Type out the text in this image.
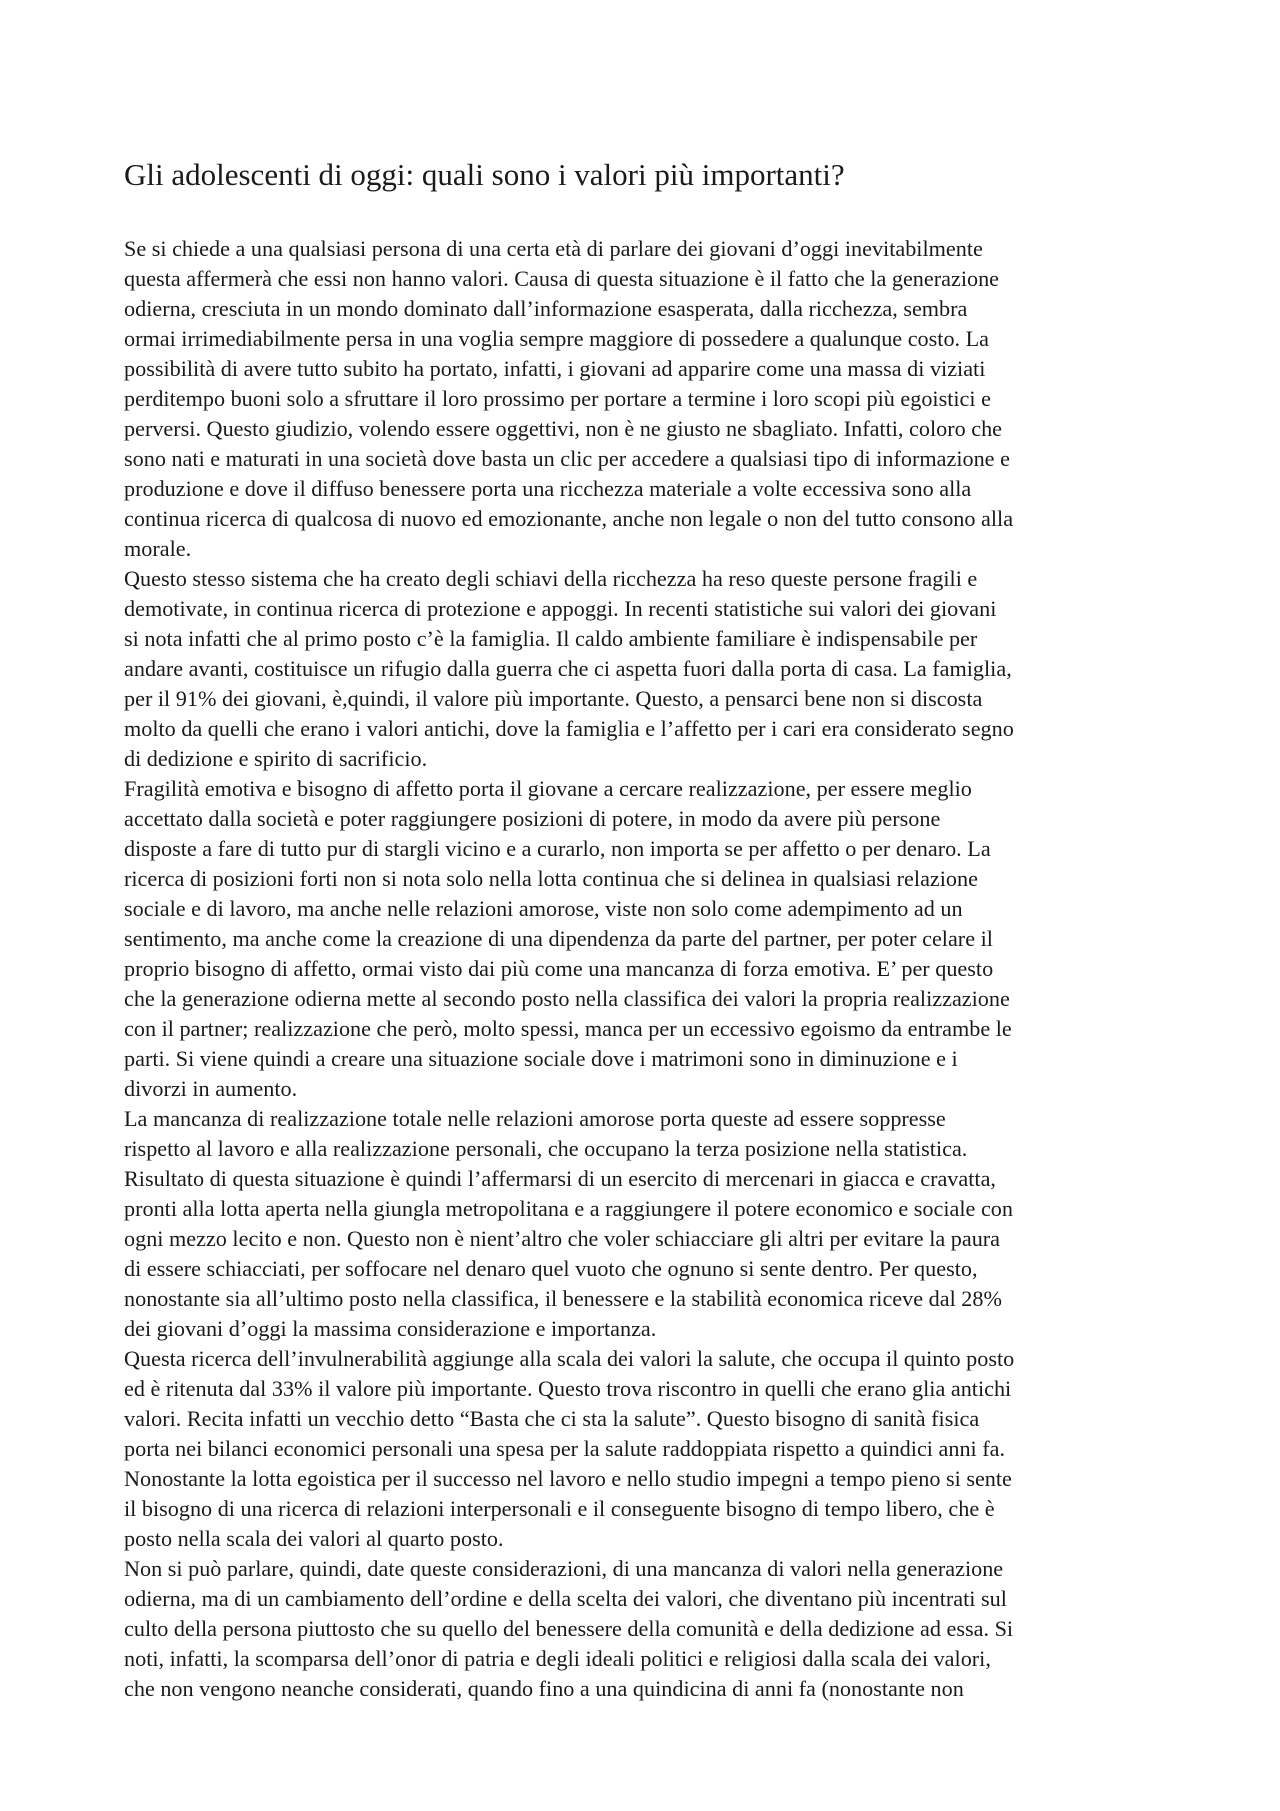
Gli adolescenti di oggi: quali sono i valori più importanti?
Se si chiede a una qualsiasi persona di una certa età di parlare dei giovani d’oggi inevitabilmente
questa affermerà che essi non hanno valori. Causa di questa situazione è il fatto che la generazione
odierna, cresciuta in un mondo dominato dall’informazione esasperata, dalla ricchezza, sembra
ormai irrimediabilmente persa in una voglia sempre maggiore di possedere a qualunque costo. La
possibilità di avere tutto subito ha portato, infatti, i giovani ad apparire come una massa di viziati
perditempo buoni solo a sfruttare il loro prossimo per portare a termine i loro scopi più egoistici e
perversi. Questo giudizio, volendo essere oggettivi, non è ne giusto ne sbagliato. Infatti, coloro che
sono nati e maturati in una società dove basta un clic per accedere a qualsiasi tipo di informazione e
produzione e dove il diffuso benessere porta una ricchezza materiale a volte eccessiva sono alla
continua ricerca di qualcosa di nuovo ed emozionante, anche non legale o non del tutto consono alla
morale.
Questo stesso sistema che ha creato degli schiavi della ricchezza ha reso queste persone fragili e
demotivate, in continua ricerca di protezione e appoggi. In recenti statistiche sui valori dei giovani
si nota infatti che al primo posto c’è la famiglia. Il caldo ambiente familiare è indispensabile per
andare avanti, costituisce un rifugio dalla guerra che ci aspetta fuori dalla porta di casa. La famiglia,
per il 91% dei giovani, è,quindi, il valore più importante. Questo, a pensarci bene non si discosta
molto da quelli che erano i valori antichi, dove la famiglia e l’affetto per i cari era considerato segno
di dedizione e spirito di sacrificio.
Fragilità emotiva e bisogno di affetto porta il giovane a cercare realizzazione, per essere meglio
accettato dalla società e poter raggiungere posizioni di potere, in modo da avere più persone
disposte a fare di tutto pur di stargli vicino e a curarlo, non importa se per affetto o per denaro. La
ricerca di posizioni forti non si nota solo nella lotta continua che si delinea in qualsiasi relazione
sociale e di lavoro, ma anche nelle relazioni amorose, viste non solo come adempimento ad un
sentimento, ma anche come la creazione di una dipendenza da parte del partner, per poter celare il
proprio bisogno di affetto, ormai visto dai più come una mancanza di forza emotiva. E’ per questo
che la generazione odierna mette al secondo posto nella classifica dei valori la propria realizzazione
con il partner; realizzazione che però, molto spessi, manca per un eccessivo egoismo da entrambe le
parti. Si viene quindi a creare una situazione sociale dove i matrimoni sono in diminuzione e i
divorzi in aumento.
La mancanza di realizzazione totale nelle relazioni amorose porta queste ad essere soppresse
rispetto al lavoro e alla realizzazione personali, che occupano la terza posizione nella statistica.
Risultato di questa situazione è quindi l’affermarsi di un esercito di mercenari in giacca e cravatta,
pronti alla lotta aperta nella giungla metropolitana e a raggiungere il potere economico e sociale con
ogni mezzo lecito e non. Questo non è nient’altro che voler schiacciare gli altri per evitare la paura
di essere schiacciati, per soffocare nel denaro quel vuoto che ognuno si sente dentro. Per questo,
nonostante sia all’ultimo posto nella classifica, il benessere e la stabilità economica riceve dal 28%
dei giovani d’oggi la massima considerazione e importanza.
Questa ricerca dell’invulnerabilità aggiunge alla scala dei valori la salute, che occupa il quinto posto
ed è ritenuta dal 33% il valore più importante. Questo trova riscontro in quelli che erano glia antichi
valori. Recita infatti un vecchio detto “Basta che ci sta la salute”. Questo bisogno di sanità fisica
porta nei bilanci economici personali una spesa per la salute raddoppiata rispetto a quindici anni fa.
Nonostante la lotta egoistica per il successo nel lavoro e nello studio impegni a tempo pieno si sente
il bisogno di una ricerca di relazioni interpersonali e il conseguente bisogno di tempo libero, che è
posto nella scala dei valori al quarto posto.
Non si può parlare, quindi, date queste considerazioni, di una mancanza di valori nella generazione
odierna, ma di un cambiamento dell’ordine e della scelta dei valori, che diventano più incentrati sul
culto della persona piuttosto che su quello del benessere della comunità e della dedizione ad essa. Si
noti, infatti, la scomparsa dell’onor di patria e degli ideali politici e religiosi dalla scala dei valori,
che non vengono neanche considerati, quando fino a una quindicina di anni fa (nonostante non
